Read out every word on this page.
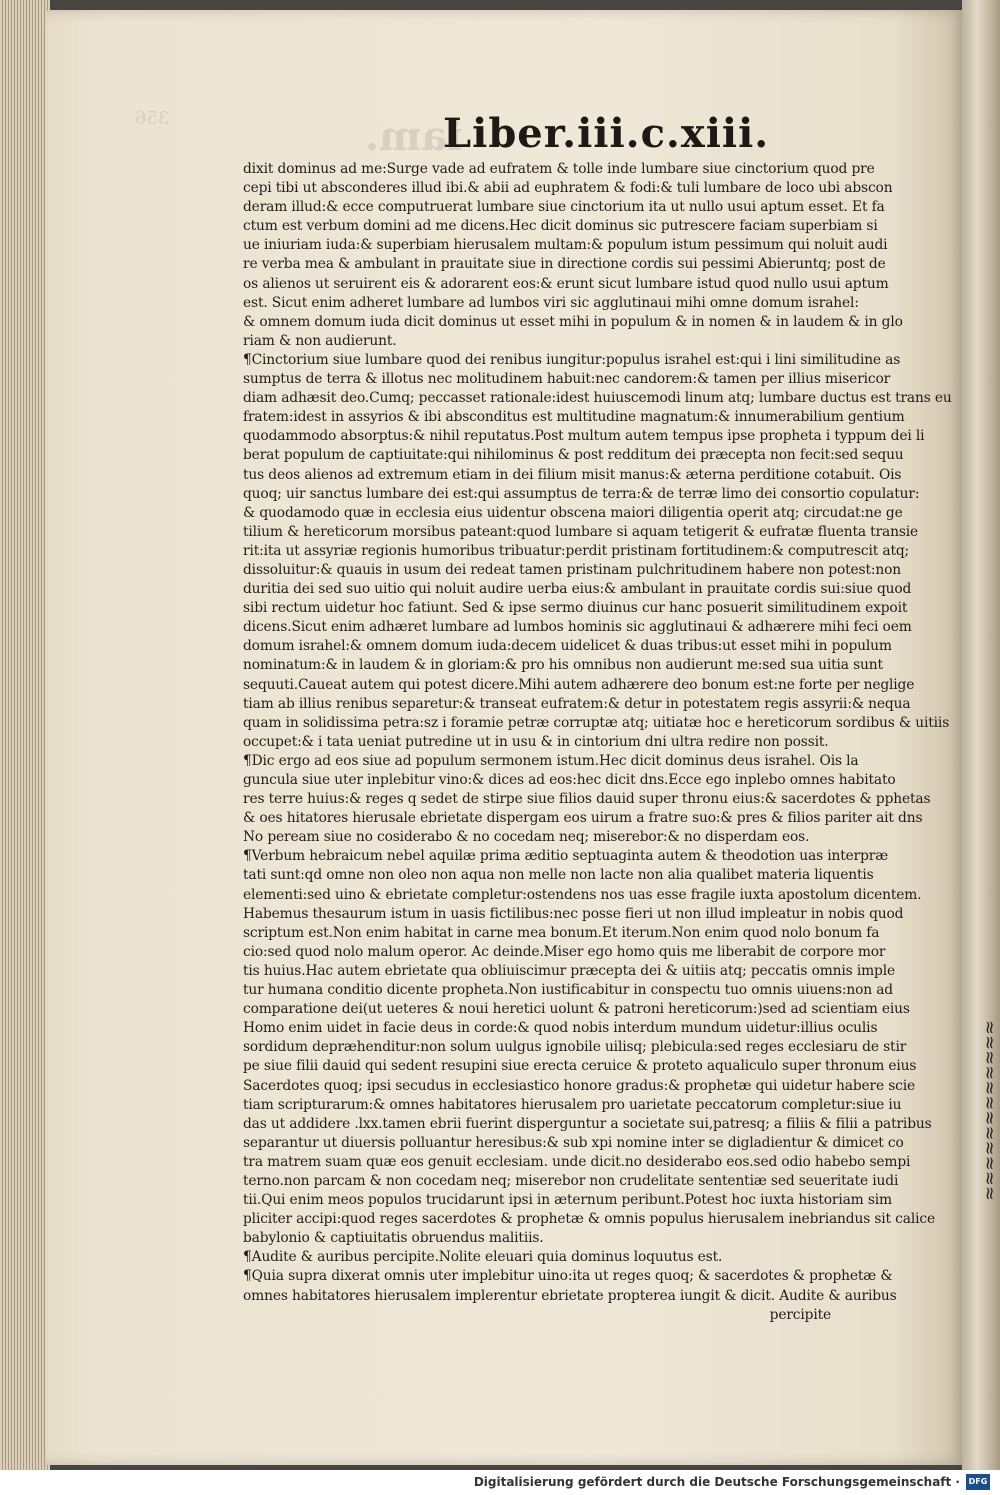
≈≈≈≈≈≈≈≈≈≈≈≈
356	iam.
Liber.iii.c.xiii.
dixit dominus ad me:Surge vade ad eufratem & tolle inde lumbare siue cinctorium quod pre
cepi tibi ut absconderes illud ibi.& abii ad euphratem & fodi:& tuli lumbare de loco ubi abscon
deram illud:& ecce computruerat lumbare siue cinctorium ita ut nullo usui aptum esset. Et fa
ctum est verbum domini ad me dicens.Hec dicit dominus sic putrescere faciam superbiam si
ue iniuriam iuda:& superbiam hierusalem multam:& populum istum pessimum qui noluit audi
re verba mea & ambulant in prauitate siue in directione cordis sui pessimi Abieruntq; post de
os alienos ut seruirent eis & adorarent eos:& erunt sicut lumbare istud quod nullo usui aptum
est. Sicut enim adheret lumbare ad lumbos viri sic agglutinaui mihi omne domum israhel:
& omnem domum iuda dicit dominus ut esset mihi in populum & in nomen & in laudem & in glo
riam & non audierunt.
¶Cinctorium siue lumbare quod dei renibus iungitur:populus israhel est:qui i lini similitudine as
sumptus de terra & illotus nec molitudinem habuit:nec candorem:& tamen per illius misericor
diam adhæsit deo.Cumq; peccasset rationale:idest huiuscemodi linum atq; lumbare ductus est trans eu
fratem:idest in assyrios & ibi absconditus est multitudine magnatum:& innumerabilium gentium
quodammodo absorptus:& nihil reputatus.Post multum autem tempus ipse propheta i typpum dei li
berat populum de captiuitate:qui nihilominus & post redditum dei præcepta non fecit:sed sequu
tus deos alienos ad extremum etiam in dei filium misit manus:& æterna perditione cotabuit. Ois
quoq; uir sanctus lumbare dei est:qui assumptus de terra:& de terræ limo dei consortio copulatur:
& quodamodo quæ in ecclesia eius uidentur obscena maiori diligentia operit atq; circudat:ne ge
tilium & hereticorum morsibus pateant:quod lumbare si aquam tetigerit & eufratæ fluenta transie
rit:ita ut assyriæ regionis humoribus tribuatur:perdit pristinam fortitudinem:& computrescit atq;
dissoluitur:& quauis in usum dei redeat tamen pristinam pulchritudinem habere non potest:non
duritia dei sed suo uitio qui noluit audire uerba eius:& ambulant in prauitate cordis sui:siue quod
sibi rectum uidetur hoc fatiunt. Sed & ipse sermo diuinus cur hanc posuerit similitudinem expoit
dicens.Sicut enim adhæret lumbare ad lumbos hominis sic agglutinaui & adhærere mihi feci oem
domum israhel:& omnem domum iuda:decem uidelicet & duas tribus:ut esset mihi in populum
nominatum:& in laudem & in gloriam:& pro his omnibus non audierunt me:sed sua uitia sunt
sequuti.Caueat autem qui potest dicere.Mihi autem adhærere deo bonum est:ne forte per neglige
tiam ab illius renibus separetur:& transeat eufratem:& detur in potestatem regis assyrii:& nequa
quam in solidissima petra:sz i foramie petræ corruptæ atq; uitiatæ hoc e hereticorum sordibus & uitiis
occupet:& i tata ueniat putredine ut in usu & in cintorium dni ultra redire non possit.
¶Dic ergo ad eos siue ad populum sermonem istum.Hec dicit dominus deus israhel. Ois la
guncula siue uter inplebitur vino:& dices ad eos:hec dicit dns.Ecce ego inplebo omnes habitato
res terre huius:& reges q sedet de stirpe siue filios dauid super thronu eius:& sacerdotes & pphetas
& oes hitatores hierusale ebrietate dispergam eos uirum a fratre suo:& pres & filios pariter ait dns
No peream siue no cosiderabo & no cocedam neq; miserebor:& no disperdam eos.
¶Verbum hebraicum nebel aquilæ prima æditio septuaginta autem & theodotion uas interpræ
tati sunt:qd omne non oleo non aqua non melle non lacte non alia qualibet materia liquentis
elementi:sed uino & ebrietate completur:ostendens nos uas esse fragile iuxta apostolum dicentem.
Habemus thesaurum istum in uasis fictilibus:nec posse fieri ut non illud impleatur in nobis quod
scriptum est.Non enim habitat in carne mea bonum.Et iterum.Non enim quod nolo bonum fa
cio:sed quod nolo malum operor. Ac deinde.Miser ego homo quis me liberabit de corpore mor
tis huius.Hac autem ebrietate qua obliuiscimur præcepta dei & uitiis atq; peccatis omnis imple
tur humana conditio dicente propheta.Non iustificabitur in conspectu tuo omnis uiuens:non ad
comparatione dei(ut ueteres & noui heretici uolunt & patroni hereticorum:)sed ad scientiam eius
Homo enim uidet in facie deus in corde:& quod nobis interdum mundum uidetur:illius oculis
sordidum depræhenditur:non solum uulgus ignobile uilisq; plebicula:sed reges ecclesiaru de stir
pe siue filii dauid qui sedent resupini siue erecta ceruice & proteto aqualiculo super thronum eius
Sacerdotes quoq; ipsi secudus in ecclesiastico honore gradus:& prophetæ qui uidetur habere scie
tiam scripturarum:& omnes habitatores hierusalem pro uarietate peccatorum completur:siue iu
das ut addidere .lxx.tamen ebrii fuerint disperguntur a societate sui,patresq; a filiis & filii a patribus
separantur ut diuersis polluantur heresibus:& sub xpi nomine inter se digladientur & dimicet co
tra matrem suam quæ eos genuit ecclesiam. unde dicit.no desiderabo eos.sed odio habebo sempi
terno.non parcam & non cocedam neq; miserebor non crudelitate sententiæ sed seueritate iudi
tii.Qui enim meos populos trucidarunt ipsi in æternum peribunt.Potest hoc iuxta historiam sim
pliciter accipi:quod reges sacerdotes & prophetæ & omnis populus hierusalem inebriandus sit calice
babylonio & captiuitatis obruendus malitiis.
¶Audite & auribus percipite.Nolite eleuari quia dominus loquutus est.
¶Quia supra dixerat omnis uter implebitur uino:ita ut reges quoq; & sacerdotes & prophetæ &
omnes habitatores hierusalem implerentur ebrietate propterea iungit & dicit. Audite & auribus
percipite
Digitalisierung gefördert durch die Deutsche Forschungsgemeinschaft ·	DFG
